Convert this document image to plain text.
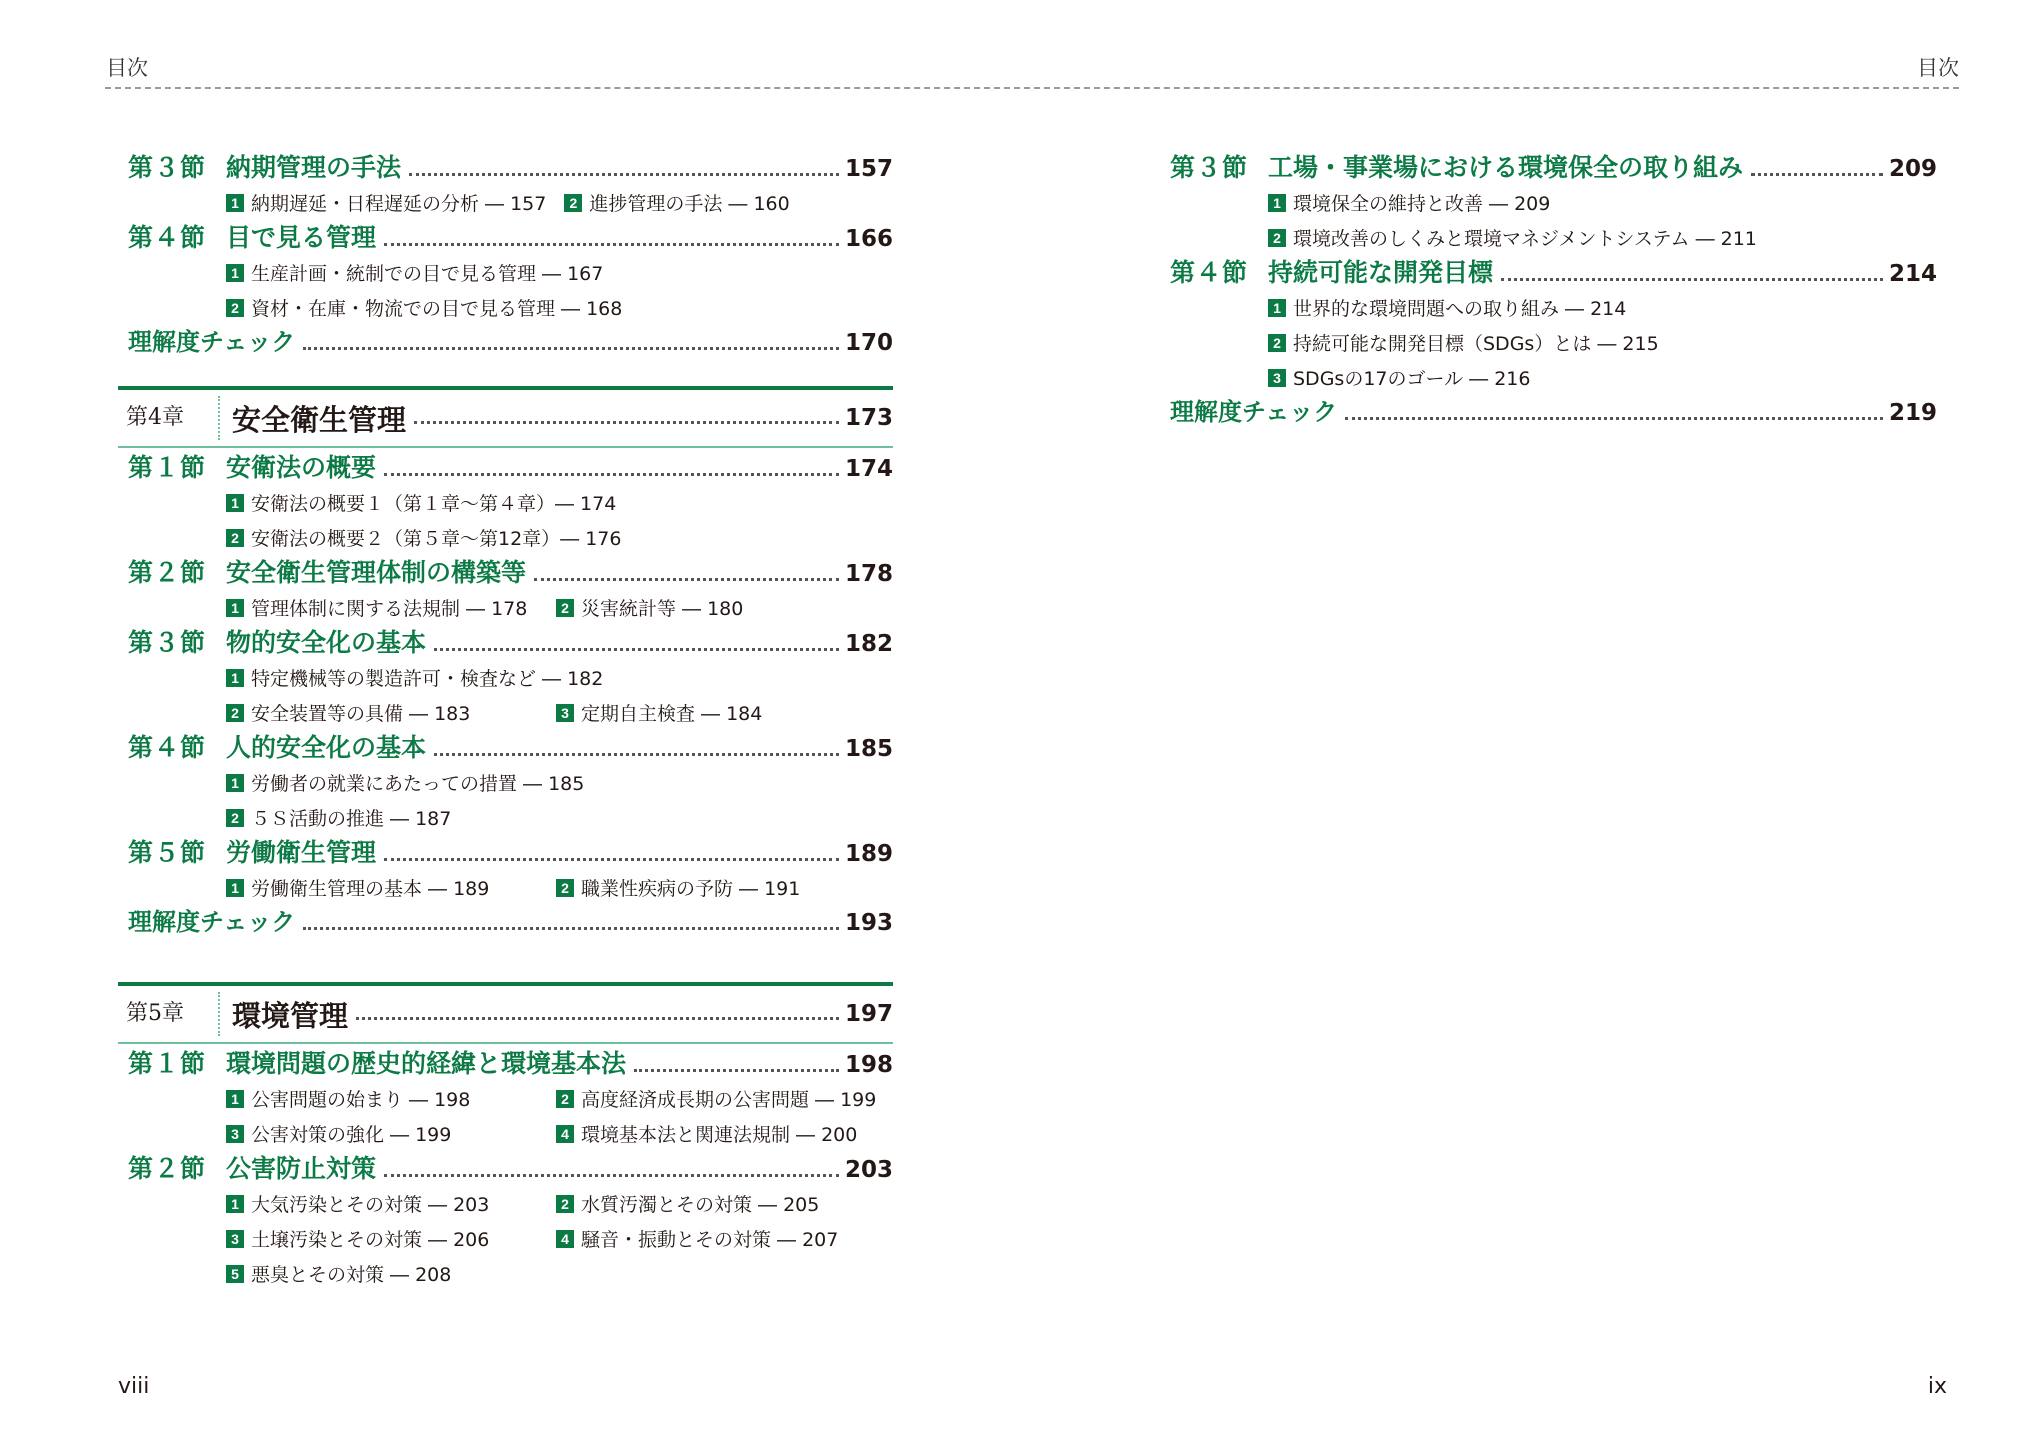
目次	目次
第３節 納期管理の手法	157
1 納期遅延・日程遅延の分析 ― 157	2 進捗管理の手法 ― 160
第４節 目で見る管理	166
1 生産計画・統制での目で見る管理 ― 167
2 資材・在庫・物流での目で見る管理 ― 168
理解度チェック	170
第4章	安全衛生管理	173
第１節 安衛法の概要	174
1 安衛法の概要１（第１章〜第４章）― 174
2 安衛法の概要２（第５章〜第12章）― 176
第２節 安全衛生管理体制の構築等	178
1 管理体制に関する法規制 ― 178	2 災害統計等 ― 180
第３節 物的安全化の基本	182
1 特定機械等の製造許可・検査など ― 182
2 安全装置等の具備 ― 183	3 定期自主検査 ― 184
第４節 人的安全化の基本	185
1 労働者の就業にあたっての措置 ― 185
2 ５Ｓ活動の推進 ― 187
第５節 労働衛生管理	189
1 労働衛生管理の基本 ― 189	2 職業性疾病の予防 ― 191
理解度チェック	193
第5章	環境管理	197
第１節 環境問題の歴史的経緯と環境基本法	198
1 公害問題の始まり ― 198	2 高度経済成長期の公害問題 ― 199
3 公害対策の強化 ― 199	4 環境基本法と関連法規制 ― 200
第２節 公害防止対策	203
1 大気汚染とその対策 ― 203	2 水質汚濁とその対策 ― 205
3 土壌汚染とその対策 ― 206	4 騒音・振動とその対策 ― 207
5 悪臭とその対策 ― 208
第３節 工場・事業場における環境保全の取り組み	209
1 環境保全の維持と改善 ― 209
2 環境改善のしくみと環境マネジメントシステム ― 211
第４節 持続可能な開発目標	214
1 世界的な環境問題への取り組み ― 214
2 持続可能な開発目標（SDGs）とは ― 215
3 SDGsの17のゴール ― 216
理解度チェック	219
viii	ix
